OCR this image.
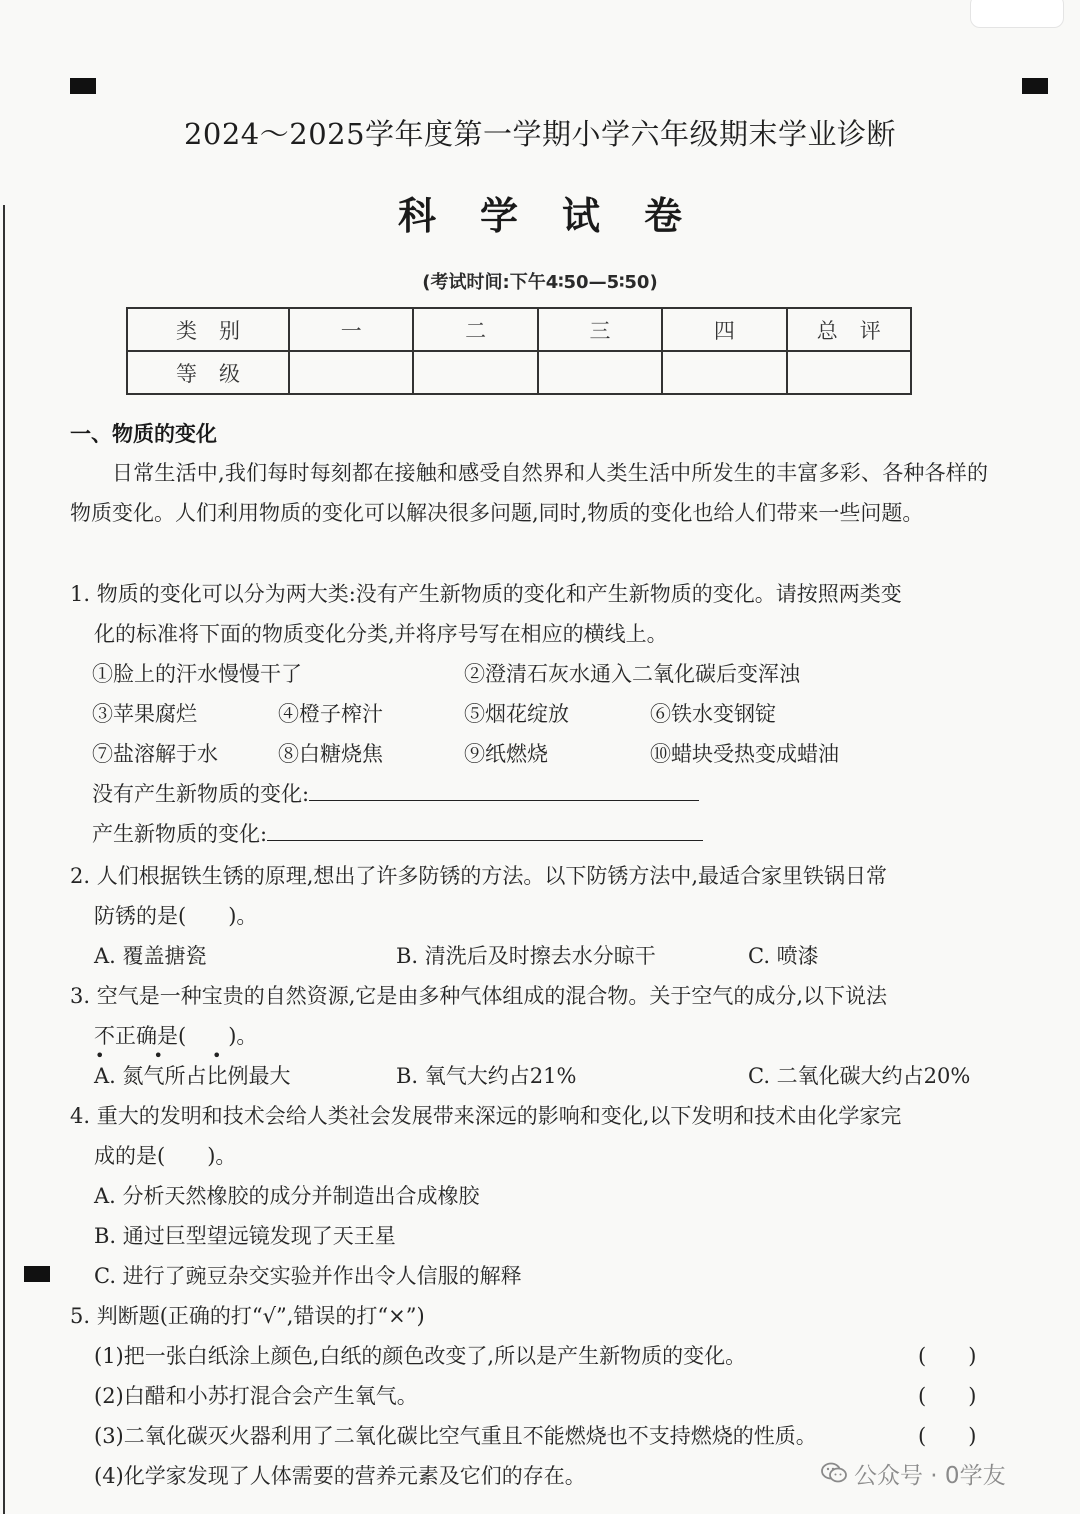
2024～2025学年度第一学期小学六年级期末学业诊断
科学试卷
(考试时间:下午4∶50—5∶50)
类别	一	二	三	四	总评
等级					
一、物质的变化
日常生活中,我们每时每刻都在接触和感受自然界和人类生活中所发生的丰富多彩、各种各样的物质变化。人们利用物质的变化可以解决很多问题,同时,物质的变化也给人们带来一些问题。
1. 物质的变化可以分为两大类:没有产生新物质的变化和产生新物质的变化。请按照两类变
化的标准将下面的物质变化分类,并将序号写在相应的横线上。
①脸上的汗水慢慢干了	②澄清石灰水通入二氧化碳后变浑浊
③苹果腐烂	④橙子榨汁	⑤烟花绽放	⑥铁水变钢锭
⑦盐溶解于水	⑧白糖烧焦	⑨纸燃烧	⑩蜡块受热变成蜡油
没有产生新物质的变化:
产生新物质的变化:
2. 人们根据铁生锈的原理,想出了许多防锈的方法。以下防锈方法中,最适合家里铁锅日常
防锈的是(　　)。
A. 覆盖搪瓷	B. 清洗后及时擦去水分晾干	C. 喷漆
3. 空气是一种宝贵的自然资源,它是由多种气体组成的混合物。关于空气的成分,以下说法
不正确是(　　)。
• • •
A. 氮气所占比例最大	B. 氧气大约占21%	C. 二氧化碳大约占20%
4. 重大的发明和技术会给人类社会发展带来深远的影响和变化,以下发明和技术由化学家完
成的是(　　)。
A. 分析天然橡胶的成分并制造出合成橡胶
B. 通过巨型望远镜发现了天王星
C. 进行了豌豆杂交实验并作出令人信服的解释
5. 判断题(正确的打“√”,错误的打“×”)
(1)把一张白纸涂上颜色,白纸的颜色改变了,所以是产生新物质的变化。	(　　)
(2)白醋和小苏打混合会产生氧气。	(　　)
(3)二氧化碳灭火器利用了二氧化碳比空气重且不能燃烧也不支持燃烧的性质。	(　　)
(4)化学家发现了人体需要的营养元素及它们的存在。	公众号 · 0学友
